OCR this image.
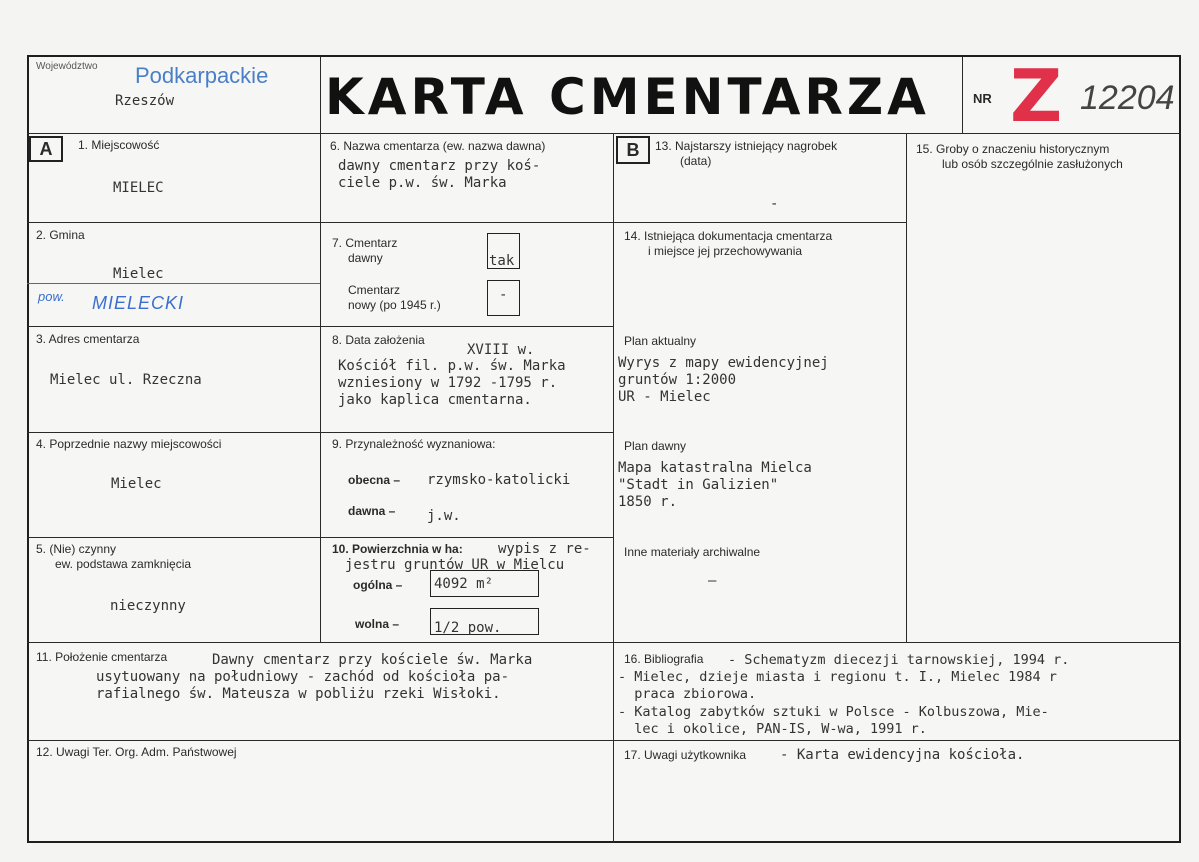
Województwo Podkarpackie
Rzeszów	KARTA CMENTARZA	NR Z 12204
A	1. Miejscowość
MIELEC
2. Gmina
Mielec
pow. MIELECKI
3. Adres cmentarza
Mielec ul. Rzeczna
4. Poprzednie nazwy miejscowości
Mielec
5. (Nie) czynny
ew. podstawa zamknięcia
nieczynny
6. Nazwa cmentarza (ew. nazwa dawna)
dawny cmentarz przy koś-
ciele p.w. św. Marka
7. Cmentarz
dawny	tak
Cmentarz
nowy (po 1945 r.)
-
8. Data założenia
XVIII w.
Kościół fil. p.w. św. Marka
wzniesiony w 1792 -1795 r.
jako kaplica cmentarna.
9. Przynależność wyznaniowa:
obecna – rzymsko-katolicki
dawna – j.w.
10. Powierzchnia w ha:	wypis z re-
jestru gruntów UR w Mielcu
ogólna – 4092 m²
wolna – 1/2 pow.
B	13. Najstarszy istniejący nagrobek
(data)
-
14. Istniejąca dokumentacja cmentarza
i miejsce jej przechowywania
Plan aktualny
Wyrys z mapy ewidencyjnej
gruntów 1:2000
UR - Mielec
Plan dawny
Mapa katastralna Mielca
"Stadt in Galizien"
1850 r.
Inne materiały archiwalne
—
15. Groby o znaczeniu historycznym
lub osób szczególnie zasłużonych
11. Położenie cmentarza	Dawny cmentarz przy kościele św. Marka
usytuowany na południowy - zachód od kościoła pa-
rafialnego św. Mateusza w pobliżu rzeki Wisłoki.
12. Uwagi Ter. Org. Adm. Państwowej
16. Bibliografia - Schematyzm diecezji tarnowskiej, 1994 r.
- Mielec, dzieje miasta i regionu t. I., Mielec 1984 r
praca zbiorowa.
- Katalog zabytków sztuki w Polsce - Kolbuszowa, Mie-
lec i okolice, PAN-IS, W-wa, 1991 r.
17. Uwagi użytkownika - Karta ewidencyjna kościoła.
